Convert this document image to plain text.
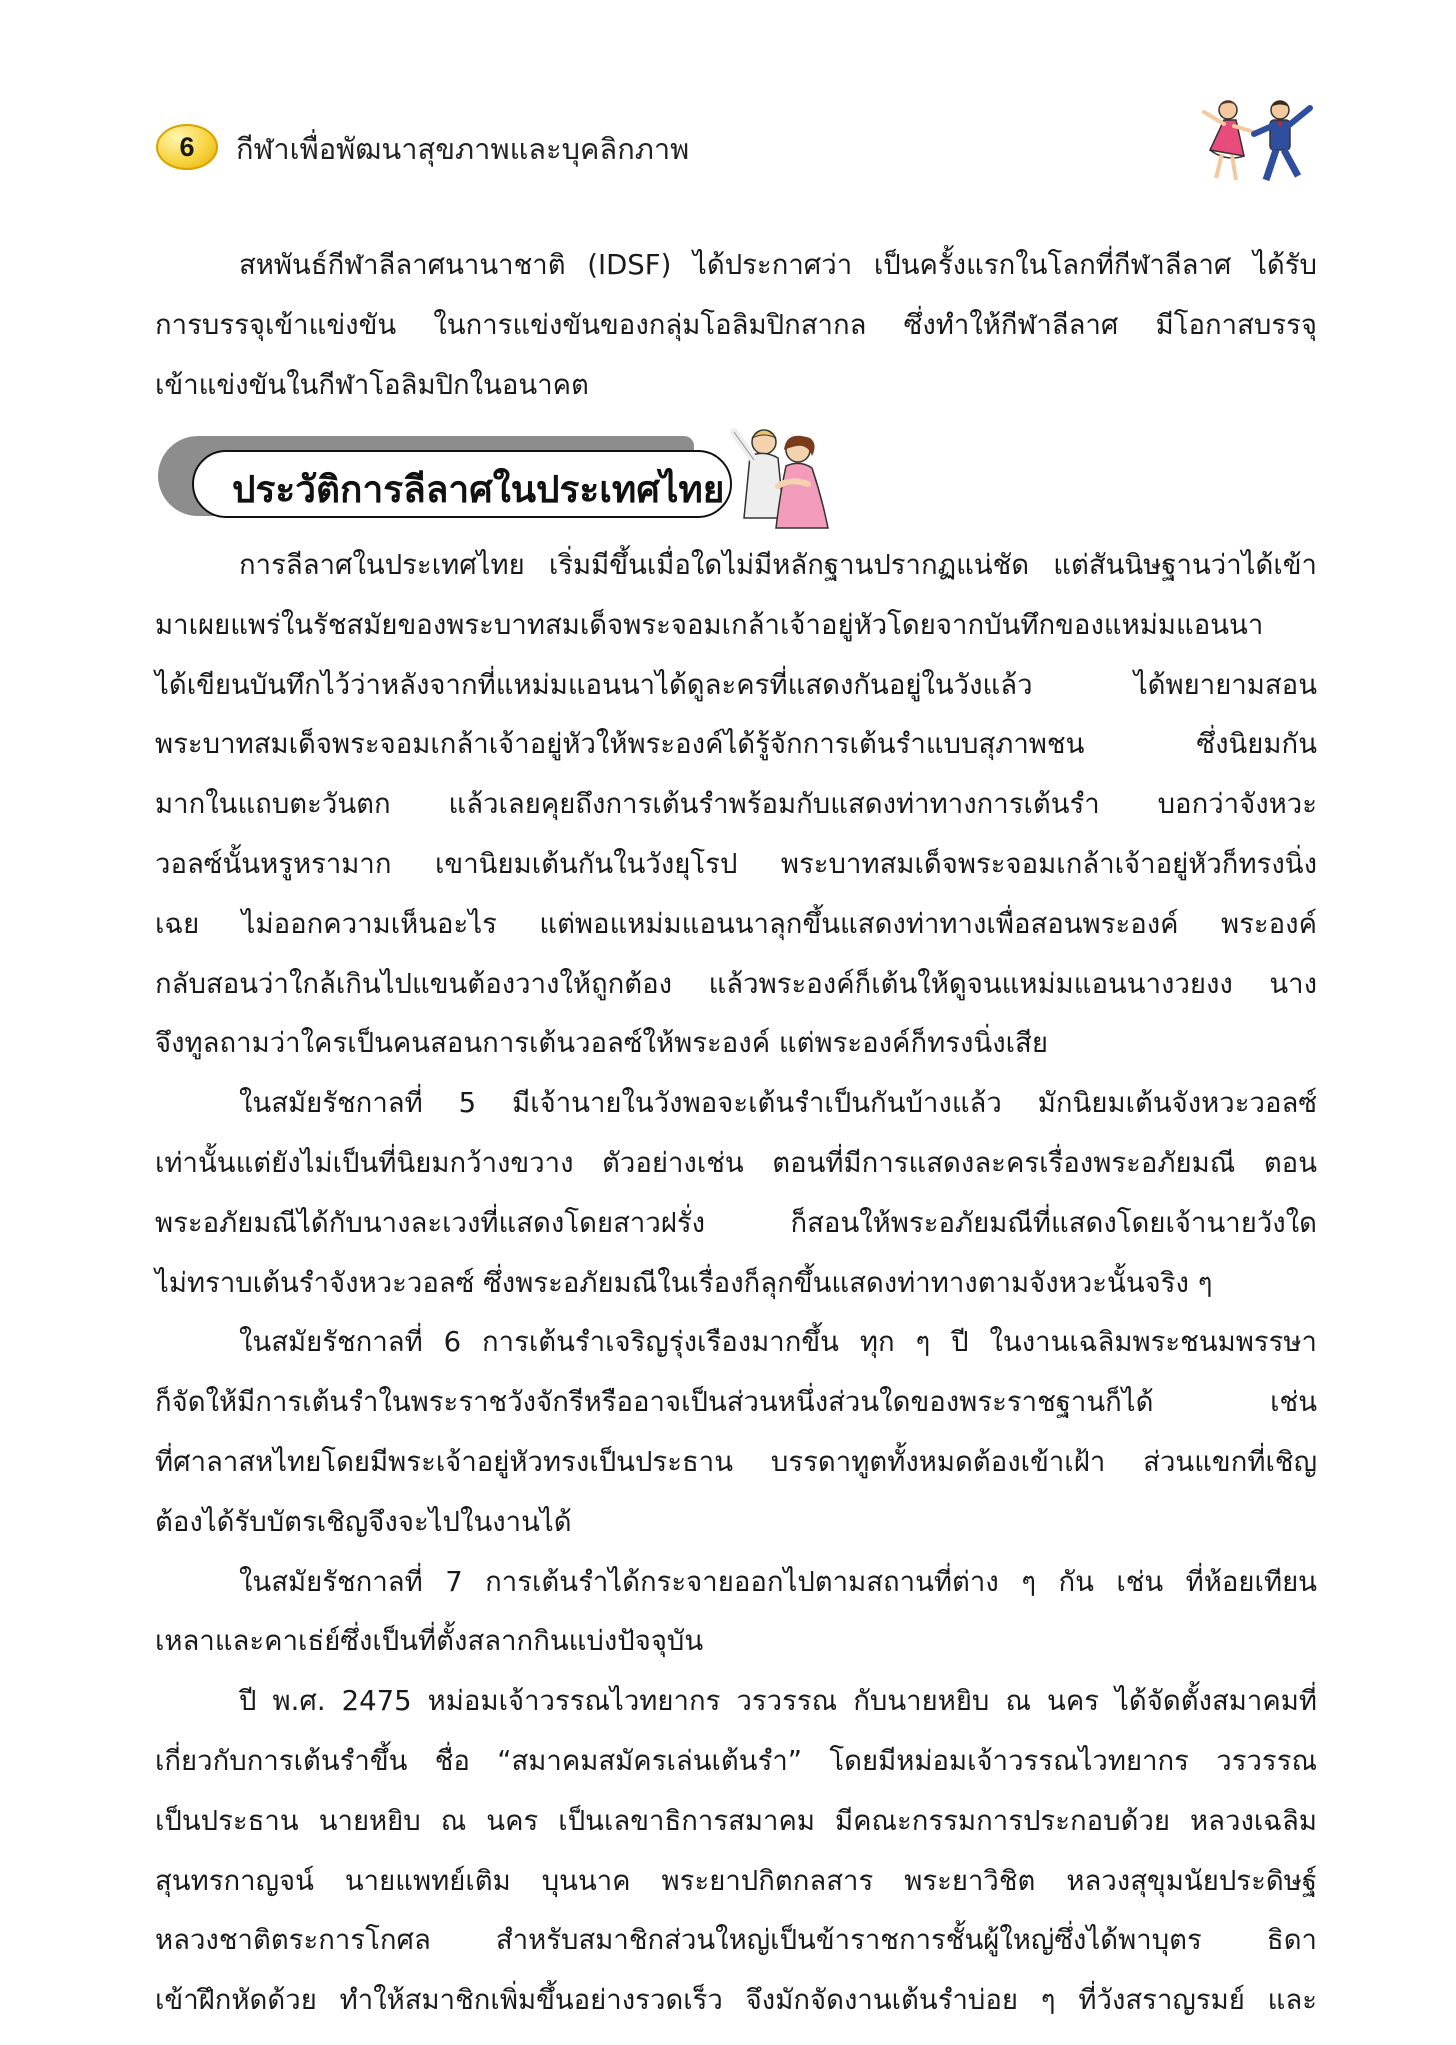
6 กีฬาเพื่อพัฒนาสุขภาพและบุคลิกภาพ
สหพันธ์กีฬาลีลาศนานาชาติ (IDSF) ได้ประกาศว่า เป็นครั้งแรกในโลกที่กีฬาลีลาศ ได้รับ
การบรรจุเข้าแข่งขัน ในการแข่งขันของกลุ่มโอลิมปิกสากล ซึ่งทำให้กีฬาลีลาศ มีโอกาสบรรจุ
เข้าแข่งขันในกีฬาโอลิมปิกในอนาคต
ประวัติการลีลาศในประเทศไทย
การลีลาศในประเทศไทย เริ่มมีขึ้นเมื่อใดไม่มีหลักฐานปรากฏแน่ชัด แต่สันนิษฐานว่าได้เข้า
มาเผยแพร่ในรัชสมัยของพระบาทสมเด็จพระจอมเกล้าเจ้าอยู่หัวโดยจากบันทึกของแหม่มแอนนา
ได้เขียนบันทึกไว้ว่าหลังจากที่แหม่มแอนนาได้ดูละครที่แสดงกันอยู่ในวังแล้ว ได้พยายามสอน
พระบาทสมเด็จพระจอมเกล้าเจ้าอยู่หัวให้พระองค์ได้รู้จักการเต้นรำแบบสุภาพชน ซึ่งนิยมกัน
มากในแถบตะวันตก แล้วเลยคุยถึงการเต้นรำพร้อมกับแสดงท่าทางการเต้นรำ บอกว่าจังหวะ
วอลซ์นั้นหรูหรามาก เขานิยมเต้นกันในวังยุโรป พระบาทสมเด็จพระจอมเกล้าเจ้าอยู่หัวก็ทรงนิ่ง
เฉย ไม่ออกความเห็นอะไร แต่พอแหม่มแอนนาลุกขึ้นแสดงท่าทางเพื่อสอนพระองค์ พระองค์
กลับสอนว่าใกล้เกินไปแขนต้องวางให้ถูกต้อง แล้วพระองค์ก็เต้นให้ดูจนแหม่มแอนนางวยงง นาง
จึงทูลถามว่าใครเป็นคนสอนการเต้นวอลซ์ให้พระองค์ แต่พระองค์ก็ทรงนิ่งเสีย
ในสมัยรัชกาลที่ 5 มีเจ้านายในวังพอจะเต้นรำเป็นกันบ้างแล้ว มักนิยมเต้นจังหวะวอลซ์
เท่านั้นแต่ยังไม่เป็นที่นิยมกว้างขวาง ตัวอย่างเช่น ตอนที่มีการแสดงละครเรื่องพระอภัยมณี ตอน
พระอภัยมณีได้กับนางละเวงที่แสดงโดยสาวฝรั่ง ก็สอนให้พระอภัยมณีที่แสดงโดยเจ้านายวังใด
ไม่ทราบเต้นรำจังหวะวอลซ์ ซึ่งพระอภัยมณีในเรื่องก็ลุกขึ้นแสดงท่าทางตามจังหวะนั้นจริง ๆ
ในสมัยรัชกาลที่ 6 การเต้นรำเจริญรุ่งเรืองมากขึ้น ทุก ๆ ปี ในงานเฉลิมพระชนมพรรษา
ก็จัดให้มีการเต้นรำในพระราชวังจักรีหรืออาจเป็นส่วนหนึ่งส่วนใดของพระราชฐานก็ได้ เช่น
ที่ศาลาสหไทยโดยมีพระเจ้าอยู่หัวทรงเป็นประธาน บรรดาทูตทั้งหมดต้องเข้าเฝ้า ส่วนแขกที่เชิญ
ต้องได้รับบัตรเชิญจึงจะไปในงานได้
ในสมัยรัชกาลที่ 7 การเต้นรำได้กระจายออกไปตามสถานที่ต่าง ๆ กัน เช่น ที่ห้อยเทียน
เหลาและคาเธ่ย์ซึ่งเป็นที่ตั้งสลากกินแบ่งปัจจุบัน
ปี พ.ศ. 2475 หม่อมเจ้าวรรณไวทยากร วรวรรณ กับนายหยิบ ณ นคร ได้จัดตั้งสมาคมที่
เกี่ยวกับการเต้นรำขึ้น ชื่อ “สมาคมสมัครเล่นเต้นรำ” โดยมีหม่อมเจ้าวรรณไวทยากร วรวรรณ
เป็นประธาน นายหยิบ ณ นคร เป็นเลขาธิการสมาคม มีคณะกรรมการประกอบด้วย หลวงเฉลิม
สุนทรกาญจน์ นายแพทย์เติม บุนนาค พระยาปกิตกลสาร พระยาวิชิต หลวงสุขุมนัยประดิษฐ์
หลวงชาติตระการโกศล สำหรับสมาชิกส่วนใหญ่เป็นข้าราชการชั้นผู้ใหญ่ซึ่งได้พาบุตร ธิดา
เข้าฝึกหัดด้วย ทำให้สมาชิกเพิ่มขึ้นอย่างรวดเร็ว จึงมักจัดงานเต้นรำบ่อย ๆ ที่วังสราญรมย์ และ
